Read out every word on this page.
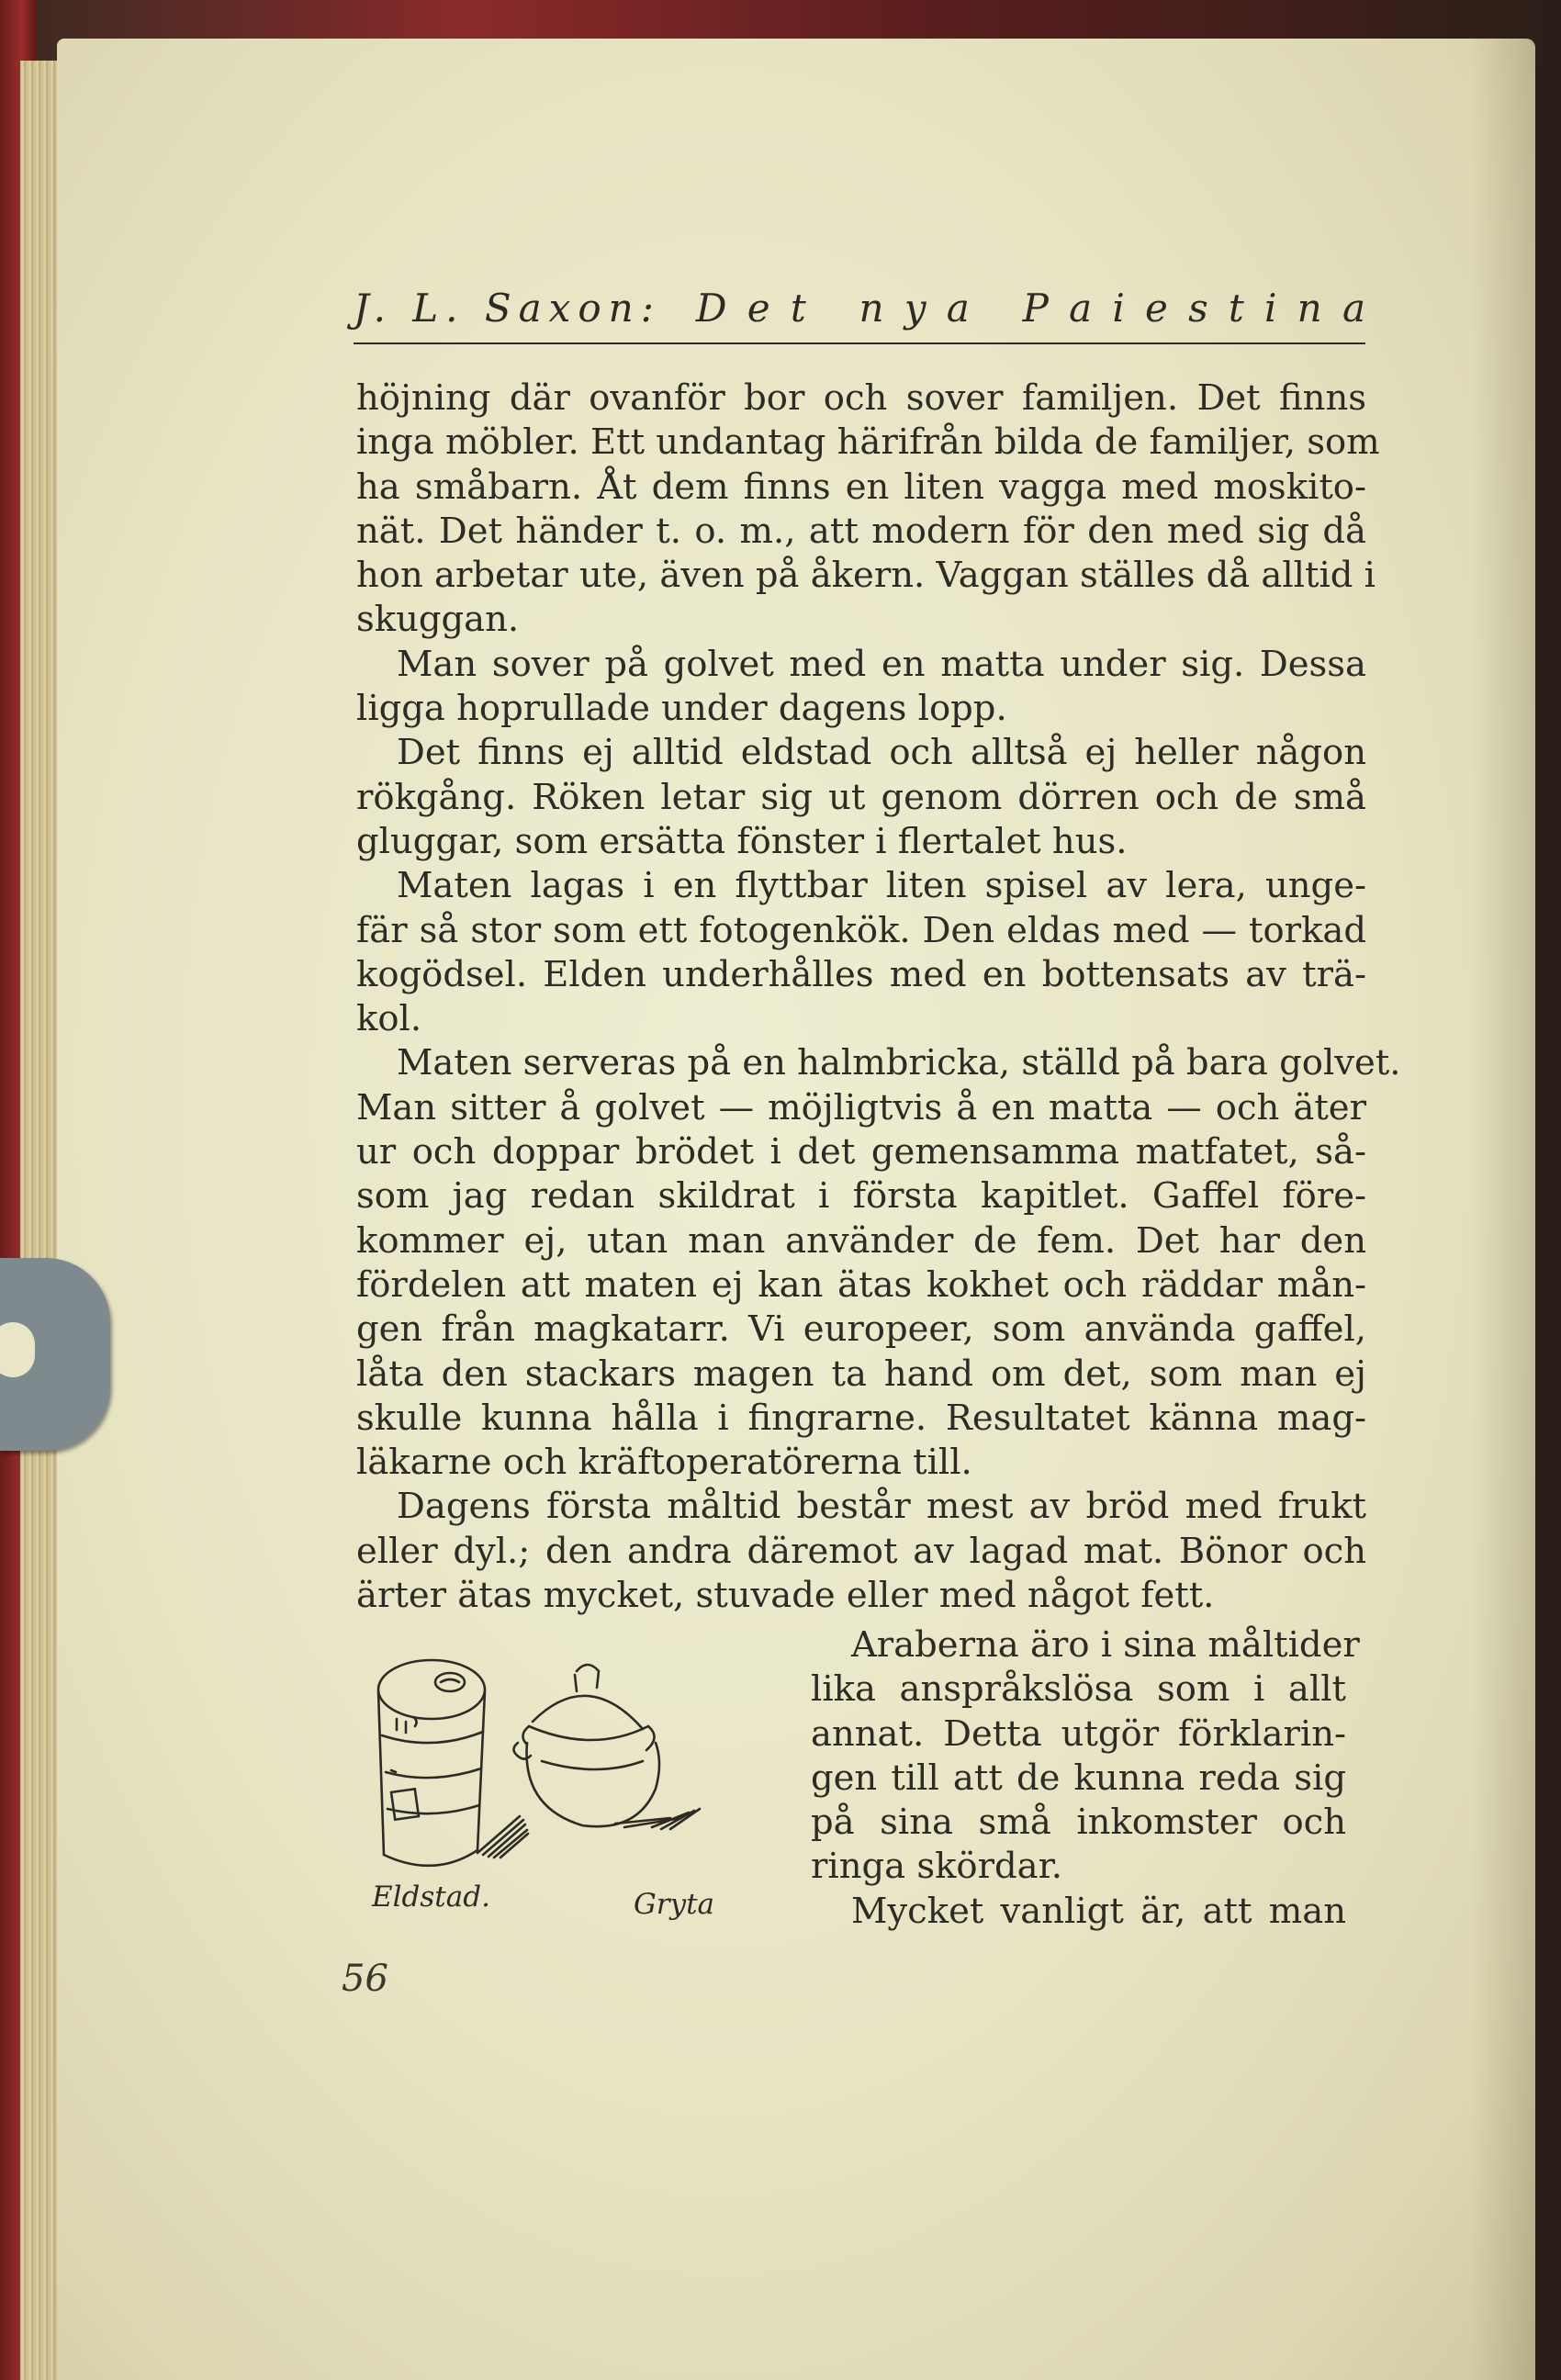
J. L. Saxon : D e t
n y a
P a i e s t i n a
höjning där ovanför bor och sover familjen. Det finns
inga möbler. Ett undantag härifrån bilda de familjer, som
ha småbarn. Åt dem finns en liten vagga med moskito-
nät. Det händer t. o. m., att modern för den med sig då
hon arbetar ute, även på åkern. Vaggan ställes då alltid i
skuggan.
Man sover på golvet med en matta under sig. Dessa
ligga hoprullade under dagens lopp.
Det finns ej alltid eldstad och alltså ej heller någon
rökgång. Röken letar sig ut genom dörren och de små
gluggar, som ersätta fönster i flertalet hus.
Maten lagas i en flyttbar liten spisel av lera, unge-
fär så stor som ett fotogenkök. Den eldas med — torkad
kogödsel. Elden underhålles med en bottensats av trä-
kol.
Maten serveras på en halmbricka, ställd på bara golvet.
Man sitter å golvet — möjligtvis å en matta — och äter
ur och doppar brödet i det gemensamma matfatet, så-
som jag redan skildrat i första kapitlet. Gaffel före-
kommer ej, utan man använder de fem. Det har den
fördelen att maten ej kan ätas kokhet och räddar mån-
gen från magkatarr. Vi europeer, som använda gaffel,
låta den stackars magen ta hand om det, som man ej
skulle kunna hålla i fingrarne. Resultatet känna mag-
läkarne och kräftoperatörerna till.
Dagens första måltid består mest av bröd med frukt
eller dyl.; den andra däremot av lagad mat. Bönor och
ärter ätas mycket, stuvade eller med något fett.
Eldstad.	Gryta
Araberna äro i sina måltider
lika anspråkslösa som i allt
annat. Detta utgör förklarin-
gen till att de kunna reda sig
på sina små inkomster och
ringa skördar.
Mycket vanligt är, att man
56
